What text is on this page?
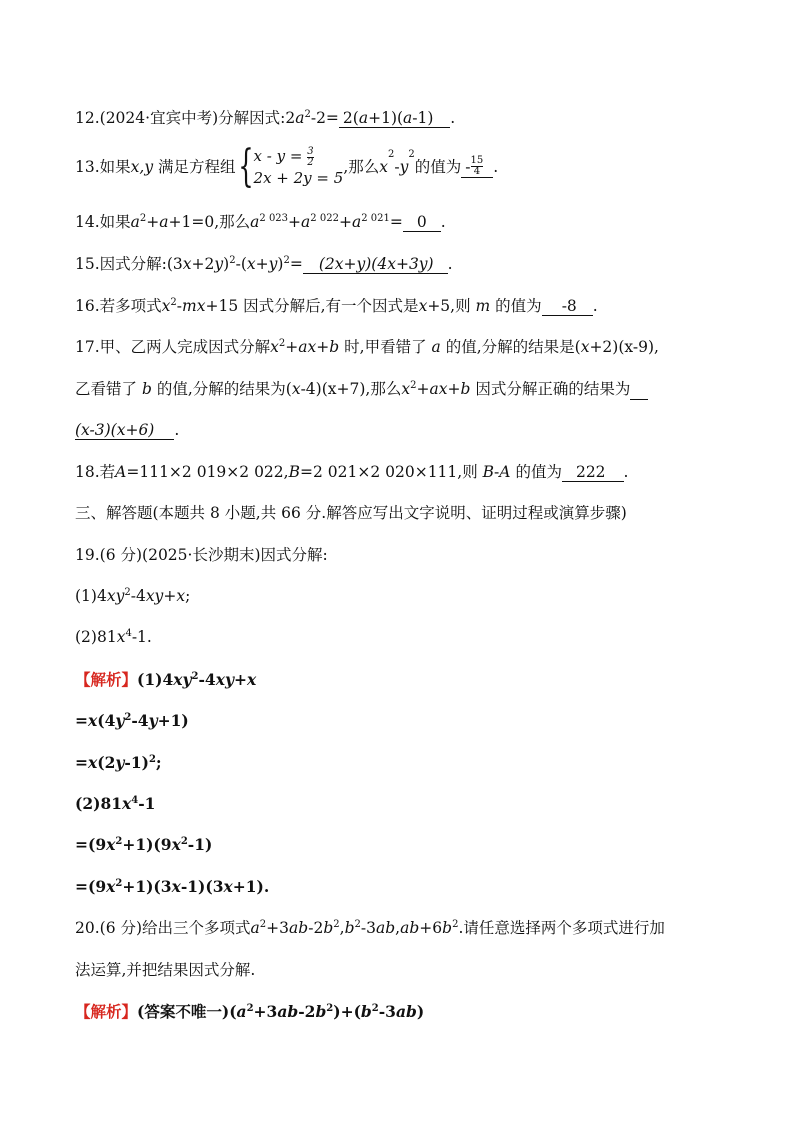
12.(2024·宜宾中考)分解因式$:2a^2-2= 2(a+1)(a-1)$ .
13.如果x,y 满足方程组{ $x - y = \frac{3}{2}$
2x + 2y = 5
,那么$x^2-y^2$的值为 - $\frac{15}{4}$ .
14.如果$a^2+a+1=0$,那么$a^{2 023}+a^{2 022}+a^{2 021}= 0$ .
15.因式分解$:(3x+2y)^2-(x+y)^2= (2x+y)(4x+3y)$ .
16.若多项式$x^2-mx+15$ 因式分解后,有一个因式是x+5,则 m 的值为 -8 .
17.甲、乙两人完成因式分解$x^2+ax+b$ 时,甲看错了 a 的值,分解的结果是(x+2)(x-9),
乙看错了 b 的值,分解的结果为(x-4)(x+7),那么$x^2+ax+b$ 因式分解正确的结果为
(x-3)(x+6) .
18.若A=111×2 019×2 022,B=2 021×2 020×111,则 B-A 的值为 222 .
三、解答题(本题共 8 小题,共 66 分.解答应写出文字说明、证明过程或演算步骤)
19.(6 分)(2025·长沙期末)因式分解:
$(1)4xy^2-4xy+x$;
$(2)81x^4-1$.
【解析】$(1)4xy^2-4xy+x$
$=x(4y^2-4y+1)$
$=x(2y-1)^2$;
$(2)81x^4-1$
$=(9x^2+1)(9x^2-1)$
$=(9x^2+1)(3x-1)(3x+1)$.
20.(6 分)给出三个多项式$a^2+3ab-2b^2,b^2-3ab,ab+6b^2$.请任意选择两个多项式进行加
法运算,并把结果因式分解.
【解析】(答案不唯一)$(a^2+3ab-2b^2)+(b^2-3ab)$
